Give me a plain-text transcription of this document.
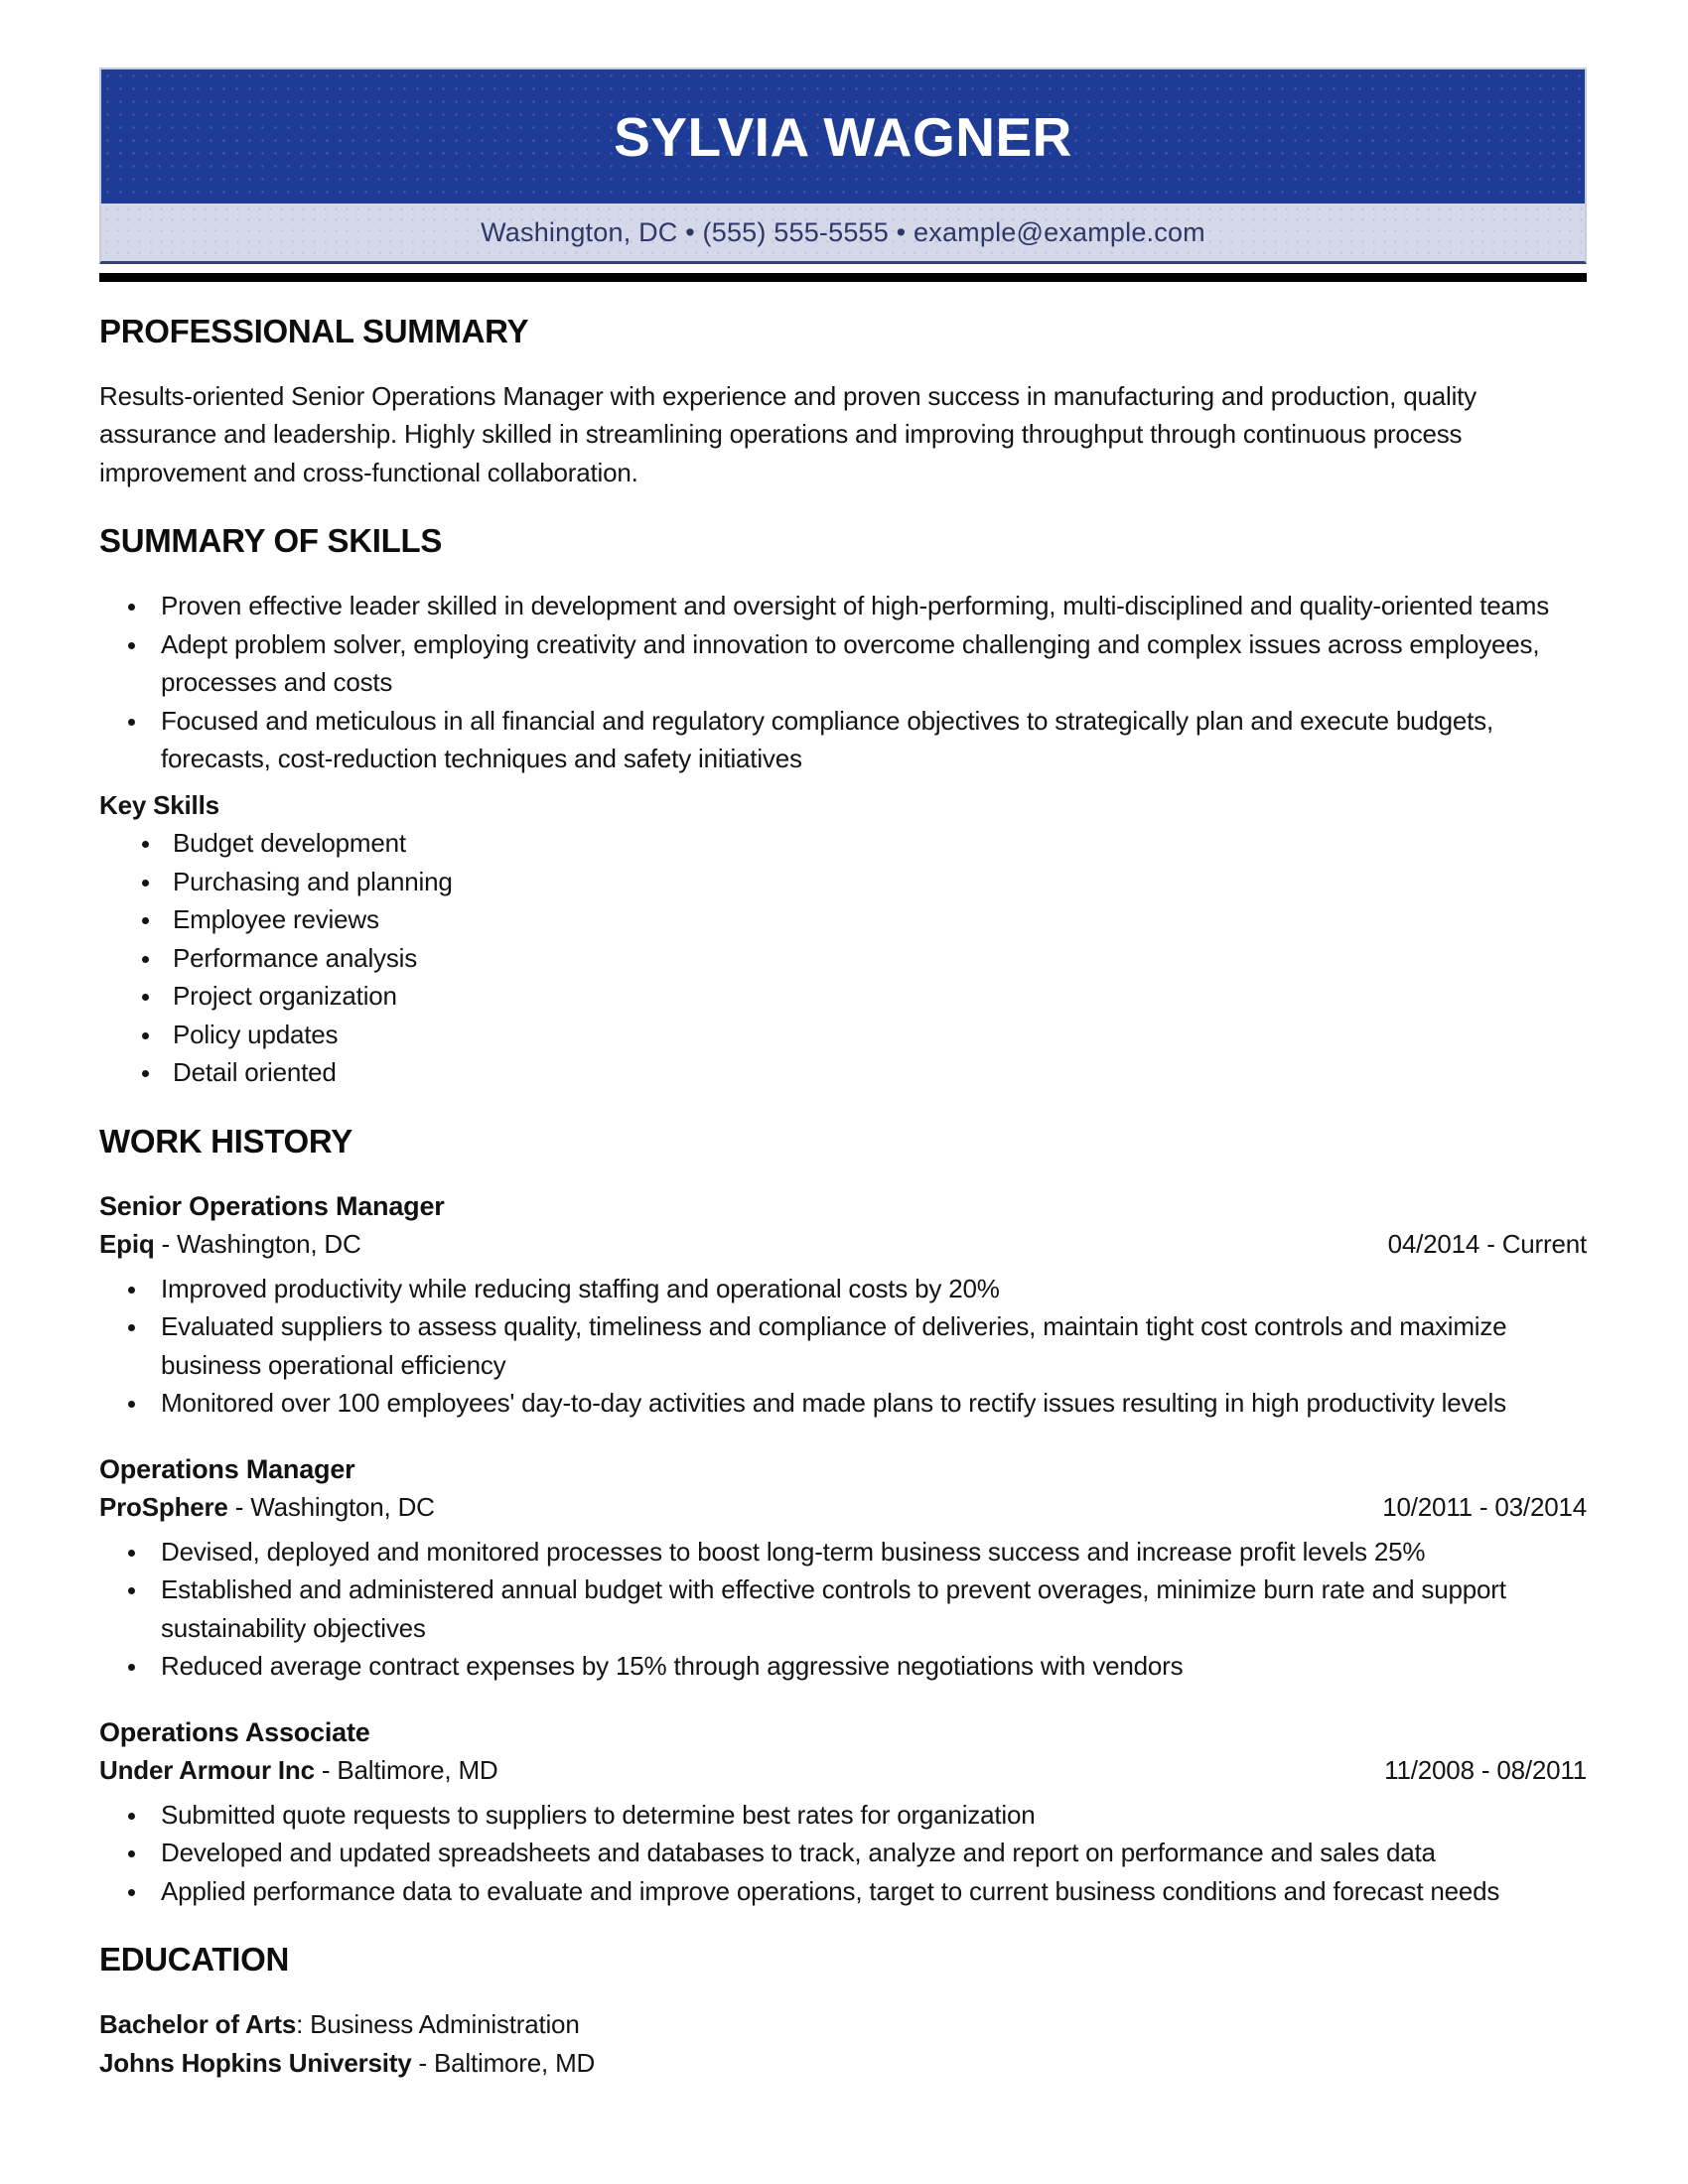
SYLVIA WAGNER
Washington, DC • (555) 555-5555 • example@example.com
PROFESSIONAL SUMMARY

Results-oriented Senior Operations Manager with experience and proven success in manufacturing and production, quality assurance and leadership. Highly skilled in streamlining operations and improving throughput through continuous process improvement and cross-functional collaboration.

SUMMARY OF SKILLS
• Proven effective leader skilled in development and oversight of high-performing, multi-disciplined and quality-oriented teams
• Adept problem solver, employing creativity and innovation to overcome challenging and complex issues across employees, processes and costs
• Focused and meticulous in all financial and regulatory compliance objectives to strategically plan and execute budgets, forecasts, cost-reduction techniques and safety initiatives
Key Skills
• Budget development
• Purchasing and planning
• Employee reviews
• Performance analysis
• Project organization
• Policy updates
• Detail oriented
WORK HISTORY
Senior Operations Manager
Epiq - Washington, DC	04/2014 - Current
• Improved productivity while reducing staffing and operational costs by 20%
• Evaluated suppliers to assess quality, timeliness and compliance of deliveries, maintain tight cost controls and maximize business operational efficiency
• Monitored over 100 employees' day-to-day activities and made plans to rectify issues resulting in high productivity levels
Operations Manager
ProSphere - Washington, DC	10/2011 - 03/2014
• Devised, deployed and monitored processes to boost long-term business success and increase profit levels 25%
• Established and administered annual budget with effective controls to prevent overages, minimize burn rate and support sustainability objectives
• Reduced average contract expenses by 15% through aggressive negotiations with vendors
Operations Associate
Under Armour Inc - Baltimore, MD	11/2008 - 08/2011
• Submitted quote requests to suppliers to determine best rates for organization
• Developed and updated spreadsheets and databases to track, analyze and report on performance and sales data
• Applied performance data to evaluate and improve operations, target to current business conditions and forecast needs
EDUCATION
Bachelor of Arts: Business Administration
Johns Hopkins University - Baltimore, MD
